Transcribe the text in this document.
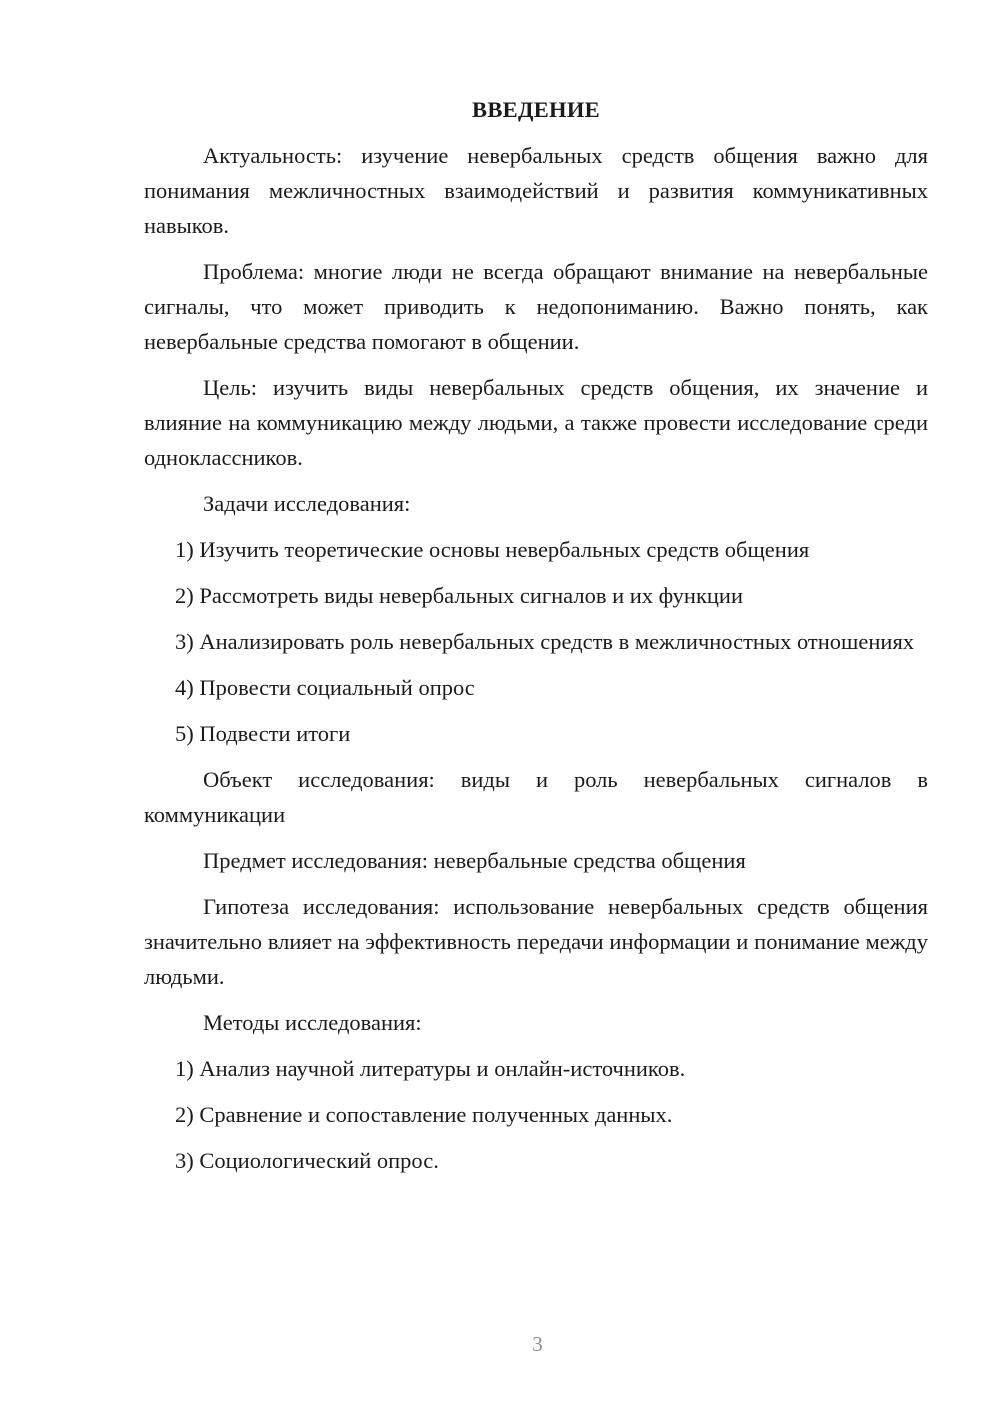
ВВЕДЕНИЕ

Актуальность: изучение невербальных средств общения важно для понимания межличностных взаимодействий и развития коммуникативных навыков.

Проблема: многие люди не всегда обращают внимание на невербальные сигналы, что может приводить к недопониманию. Важно понять, как невербальные средства помогают в общении.

Цель: изучить виды невербальных средств общения, их значение и влияние на коммуникацию между людьми, а также провести исследование среди одноклассников.

Задачи исследования:

1) Изучить теоретические основы невербальных средств общения

2) Рассмотреть виды невербальных сигналов и их функции

3) Анализировать роль невербальных средств в межличностных отношениях

4) Провести социальный опрос

5) Подвести итоги

Объект исследования: виды и роль невербальных сигналов в коммуникации

Предмет исследования: невербальные средства общения

Гипотеза исследования: использование невербальных средств общения значительно влияет на эффективность передачи информации и понимание между людьми.

Методы исследования:

1) Анализ научной литературы и онлайн-источников.

2) Сравнение и сопоставление полученных данных.

3) Социологический опрос.

3
